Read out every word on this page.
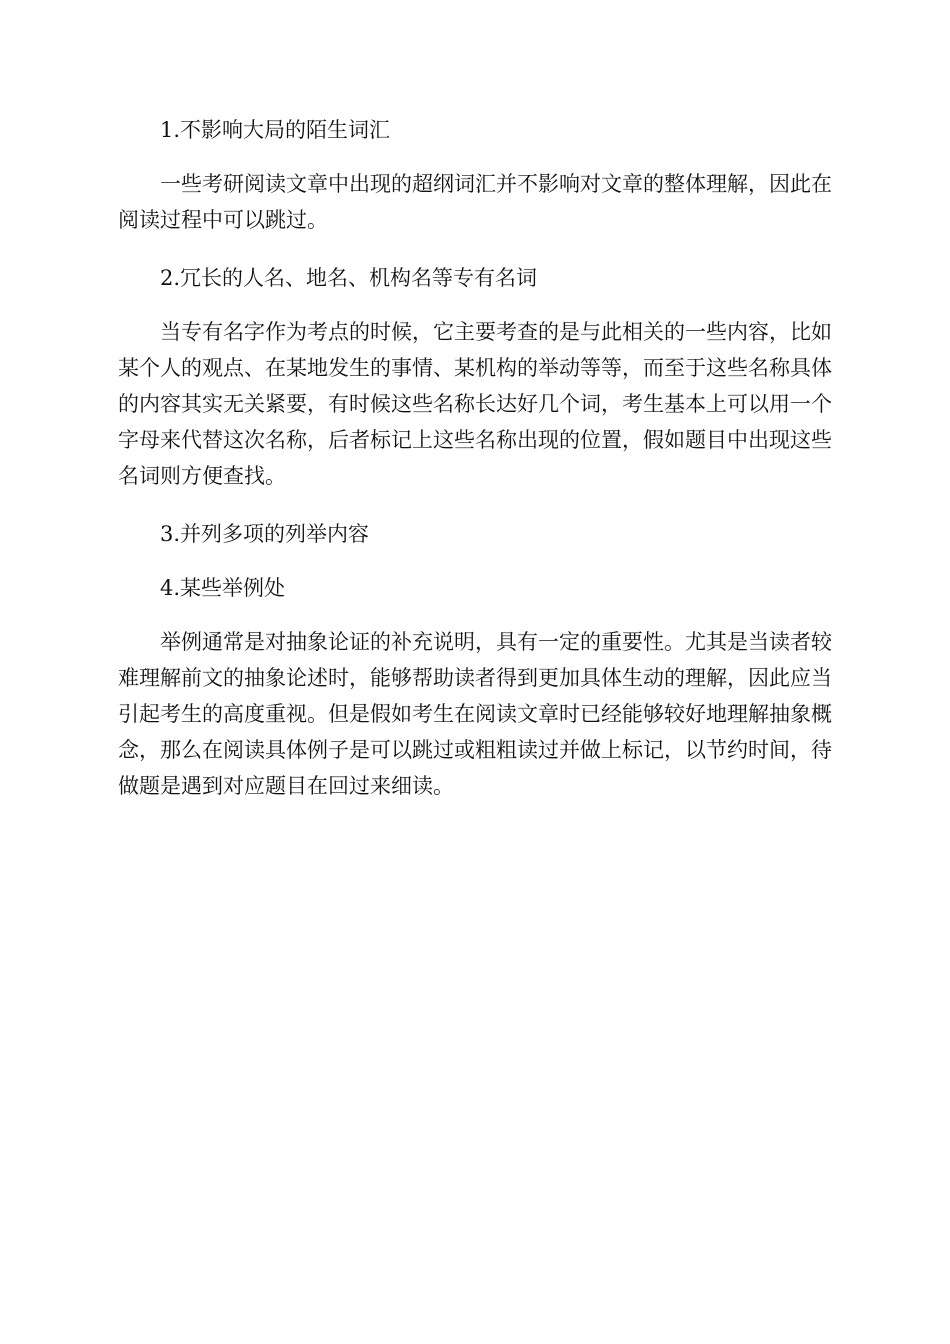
1.不影响大局的陌生词汇

一些考研阅读文章中出现的超纲词汇并不影响对文章的整体理解，因此在阅读过程中可以跳过。

2.冗长的人名、地名、机构名等专有名词

当专有名字作为考点的时候，它主要考查的是与此相关的一些内容，比如某个人的观点、在某地发生的事情、某机构的举动等等，而至于这些名称具体的内容其实无关紧要，有时候这些名称长达好几个词，考生基本上可以用一个字母来代替这次名称，后者标记上这些名称出现的位置，假如题目中出现这些名词则方便查找。

3.并列多项的列举内容

4.某些举例处

举例通常是对抽象论证的补充说明，具有一定的重要性。尤其是当读者较难理解前文的抽象论述时，能够帮助读者得到更加具体生动的理解，因此应当引起考生的高度重视。但是假如考生在阅读文章时已经能够较好地理解抽象概念，那么在阅读具体例子是可以跳过或粗粗读过并做上标记，以节约时间，待做题是遇到对应题目在回过来细读。
